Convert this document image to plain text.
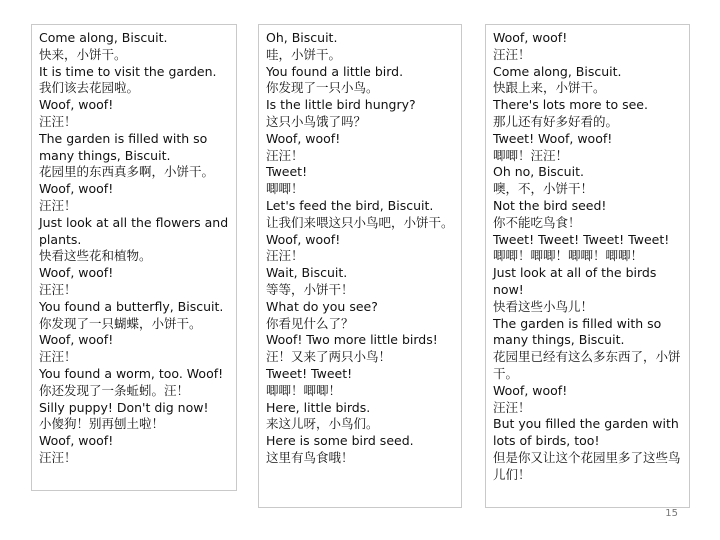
Come along, Biscuit.
快来，小饼干。
It is time to visit the garden.
我们该去花园啦。
Woof, woof!
汪汪！
The garden is filled with so many things, Biscuit.
花园里的东西真多啊，小饼干。
Woof, woof!
汪汪！
Just look at all the flowers and plants.
快看这些花和植物。
Woof, woof!
汪汪！
You found a butterfly, Biscuit.
你发现了一只蝴蝶，小饼干。
Woof, woof!
汪汪！
You found a worm, too. Woof!
你还发现了一条蚯蚓。汪！
Silly puppy! Don't dig now!
小傻狗！别再刨土啦！
Woof, woof!
汪汪！
Oh, Biscuit.
哇，小饼干。
You found a little bird.
你发现了一只小鸟。
Is the little bird hungry?
这只小鸟饿了吗？
Woof, woof!
汪汪！
Tweet!
唧唧！
Let's feed the bird, Biscuit.
让我们来喂这只小鸟吧，小饼干。
Woof, woof!
汪汪！
Wait, Biscuit.
等等，小饼干！
What do you see?
你看见什么了？
Woof! Two more little birds!
汪！又来了两只小鸟！
Tweet! Tweet!
唧唧！唧唧！
Here, little birds.
来这儿呀，小鸟们。
Here is some bird seed.
这里有鸟食哦！
Woof, woof!
汪汪！
Come along, Biscuit.
快跟上来，小饼干。
There's lots more to see.
那儿还有好多好看的。
Tweet! Woof, woof!
唧唧！汪汪！
Oh no, Biscuit.
噢，不，小饼干！
Not the bird seed!
你不能吃鸟食！
Tweet! Tweet! Tweet! Tweet!
唧唧！唧唧！唧唧！唧唧！
Just look at all of the birds now!
快看这些小鸟儿！
The garden is filled with so many things, Biscuit.
花园里已经有这么多东西了，小饼干。
Woof, woof!
汪汪！
But you filled the garden with lots of birds, too!
但是你又让这个花园里多了这些鸟儿们！
15
